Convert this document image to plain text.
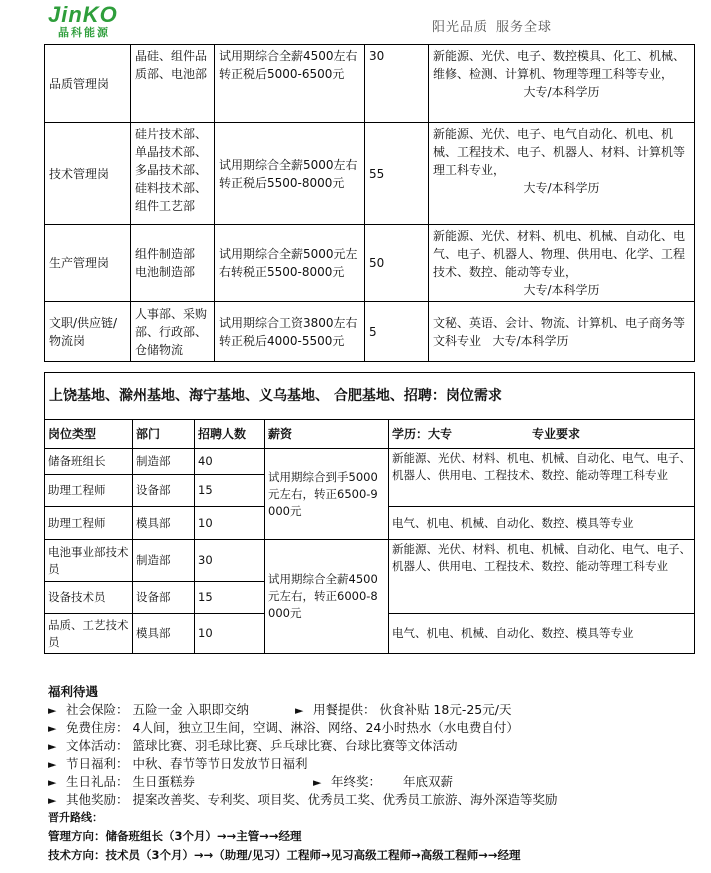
JinKO
晶科能源	阳光品质 服务全球
品质管理岗	晶硅、组件品质部、电池部	试用期综合全薪4500左右转正税后5000-6500元	30	新能源、光伏、电子、数控模具、化工、机械、维修、检测、计算机、物理等理工科等专业，
大专/本科学历

技术管理岗	硅片技术部、单晶技术部、多晶技术部、硅料技术部、组件工艺部	试用期综合全薪5000左右转正税后5500-8000元	55	新能源、光伏、电子、电气自动化、机电、机械、工程技术、电子、机器人、材料、计算机等理工科专业，
大专/本科学历

生产管理岗	组件制造部 电池制造部	试用期综合全薪5000元左右转税正5500-8000元	50	新能源、光伏、材料、机电、机械、自动化、电气、电子、机器人、物理、供用电、化学、工程技术、数控、能动等专业，
大专/本科学历

文职/供应链/物流岗	人事部、采购部、行政部、仓储物流	试用期综合工资3800左右转正税后4000-5500元	5	文秘、英语、会计、物流、计算机、电子商务等文科专业 大专/本科学历
上饶基地、滁州基地、海宁基地、义乌基地、 合肥基地、招聘：岗位需求				
岗位类型	部门	招聘人数	薪资	学历：大专 专业要求
储备班组长	制造部	40	试用期综合到手5000元左右，转正6500-9000元	新能源、光伏、材料、机电、机械、自动化、电气、电子、机器人、供用电、工程技术、数控、能动等理工科专业
助理工程师	设备部	15		
助理工程师	模具部	10		电气、机电、机械、自动化、数控、模具等专业
电池事业部技术员	制造部	30	试用期综合全薪4500元左右，转正6000-8000元	新能源、光伏、材料、机电、机械、自动化、电气、电子、机器人、供用电、工程技术、数控、能动等理工科专业
设备技术员	设备部	15		
品质、工艺技术员	模具部	10		电气、机电、机械、自动化、数控、模具等专业
福利待遇
► 社会保险： 五险一金 入职即交纳	► 用餐提供： 伙食补贴 18元-25元/天
► 免费住房： 4人间，独立卫生间，空调、淋浴、网络、24小时热水（水电费自付）
► 文体活动： 篮球比赛、羽毛球比赛、乒乓球比赛、台球比赛等文体活动
► 节日福利： 中秋、春节等节日发放节日福利
► 生日礼品： 生日蛋糕券	► 年终奖： 年底双薪
► 其他奖励： 提案改善奖、专利奖、项目奖、优秀员工奖、优秀员工旅游、海外深造等奖励
晋升路线：
管理方向：储备班组长（3个月）→→主管→→经理
技术方向：技术员（3个月）→→（助理/见习）工程师→见习高级工程师→高级工程师→→经理
